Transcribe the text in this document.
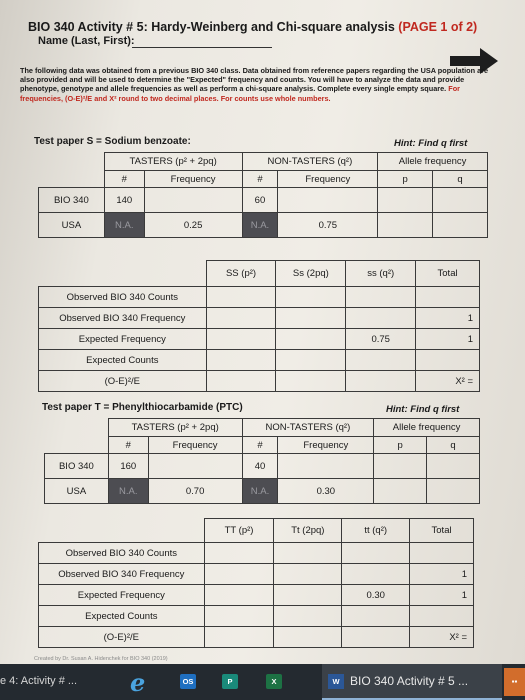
BIO 340 Activity # 5: Hardy-Weinberg and Chi-square analysis (PAGE 1 of 2)
Name (Last, First):

The following data was obtained from a previous BIO 340 class. Data obtained from reference papers regarding the USA population are also provided and will be used to determine the "Expected" frequency and counts. You will have to analyze the data and provide phenotype, genotype and allele frequencies as well as perform a chi-square analysis. Complete every single empty square. For frequencies, (O-E)²/E and X² round to two decimal places. For counts use whole numbers.

Test paper S = Sodium benzoate:	Hint: Find q first
	TASTERS (p² + 2pq)		NON-TASTERS (q²)		Allele frequency	
	#	Frequency	#	Frequency	p	q
BIO 340	140		60			
USA	N.A.	0.25	N.A.	0.75		
	SS (p²)	Ss (2pq)	ss (q²)	Total
Observed BIO 340 Counts				
Observed BIO 340 Frequency				1
Expected Frequency			0.75	1
Expected Counts				
(O-E)²/E				X² =
Test paper T = Phenylthiocarbamide (PTC)	Hint: Find q first
	TASTERS (p² + 2pq)		NON-TASTERS (q²)		Allele frequency	
	#	Frequency	#	Frequency	p	q
BIO 340	160		40			
USA	N.A.	0.70	N.A.	0.30		
	TT (p²)	Tt (2pq)	tt (q²)	Total
Observed BIO 340 Counts				
Observed BIO 340 Frequency				1
Expected Frequency			0.30	1
Expected Counts				
(O-E)²/E				X² =
Created by Dr. Susan A. Hidenchek for BIO 340 (2019)
e 4: Activity # ... e	OS	P	X	W BIO 340 Activity # 5 ...	▪▪
